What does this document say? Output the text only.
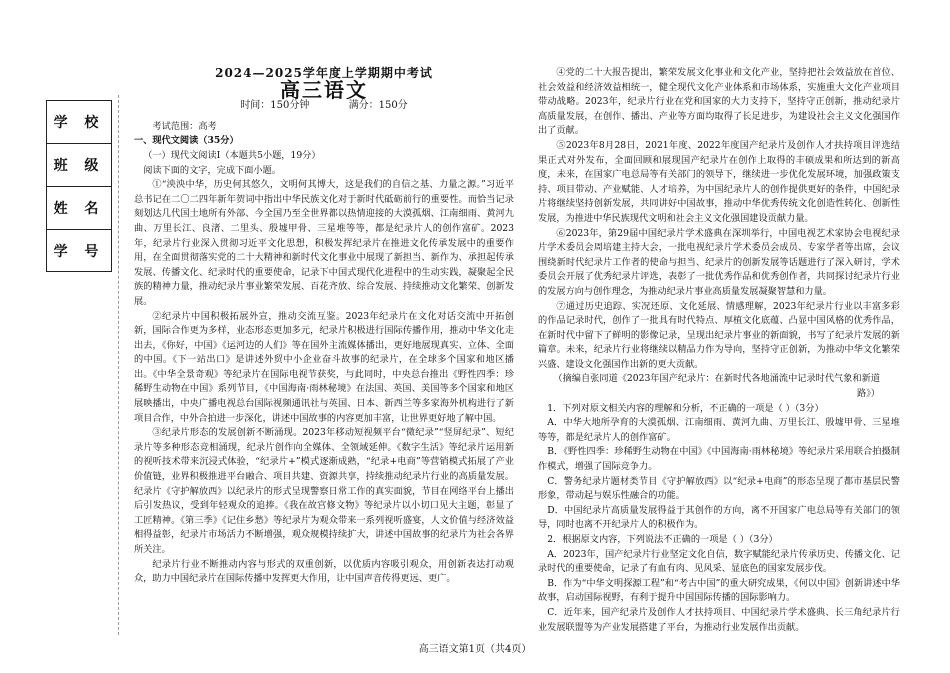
学 校
班 级
姓 名
学 号

2024—2025学年度上学期期中考试

高三语文

时间：150分钟	满分：150分

考试范围：高考

一、现代文阅读（35分）

（一）现代文阅读Ⅰ（本题共5小题，19分）

阅读下面的文字，完成下面小题。

①“泱泱中华，历史何其悠久，文明何其博大，这是我们的自信之基、力量之源。”习近平总书记在二〇二四年新年贺词中指出中华民族文化对于新时代砥砺前行的重要性。而恰当记录刻划达几代国土地所有外部、今全国乃至全世界都以热情迎接的大漠孤烟、江南细雨、黄河九曲、万里长江、良渚、二里头、殷墟甲骨、三星堆等等，都是纪录片人的创作富矿。2023年，纪录片行业深入贯彻习近平文化思想，积极发挥纪录片在推进文化传承发展中的重要作用，在全面贯彻落实党的二十大精神和新时代文化事业中展现了新担当、新作为、承担起传承发展、传播文化、纪录时代的重要使命，记录下中国式现代化进程中的生动实践，凝聚起全民族的精神力量，推动纪录片事业繁荣发展、百花齐放、综合发展、持续推动文化繁荣、创新发展。

②纪录片中国积极拓展外宣，推动交流互鉴。2023年纪录片在文化对话交流中开拓创新，国际合作更为多样，业态形态更加多元，纪录片积极进行国际传播作用，推动中华文化走出去，《你好，中国》《运河边的人们》等在国外主流媒体播出，更好地展现真实、立体、全面的中国。《下一站出口》是讲述外贸中小企业奋斗故事的纪录片，在全球多个国家和地区播出。《中华全景奇观》等纪录片在国际电视节获奖，与此同时，中央总台推出《野性四季：珍稀野生动物在中国》系列节目，《中国海南·雨林秘境》在法国、英国、美国等多个国家和地区展映播出，中央广播电视总台国际视频通讯社与英国、日本、新西兰等多家海外机构进行了新项目合作，中外合拍进一步深化，讲述中国故事的内容更加丰富，让世界更好地了解中国。

③纪录片形态的发展创新不断涌现。2023年移动短视频平台“微纪录”“竖屏纪录”、短纪录片等多种形态竞相涌现，纪录片创作向全媒体、全领域延伸。《数字生活》等纪录片运用新的视听技术带来沉浸式体验，“纪录片+”模式逐渐成熟，“纪录+电商”等营销模式拓展了产业价值链，业界积极推进平台融合、项目共建、资源共享，持续推动纪录片行业的高质量发展。纪录片《守护解放西》以纪录片的形式呈现警察日常工作的真实面貌，节目在网络平台上播出后引发热议，受到年轻观众的追捧。《我在故宫修文物》等纪录片以小切口见大主题，彰显了工匠精神。《第三季》《记住乡愁》等纪录片为观众带来一系列视听盛宴，人文价值与经济效益相得益彰，纪录片市场活力不断增强，观众规模持续扩大，讲述中国故事的纪录片为社会各界所关注。

纪录片行业不断推动内容与形式的双重创新，以优质内容吸引观众，用创新表达打动观众，助力中国纪录片在国际传播中发挥更大作用，让中国声音传得更远、更广。

④党的二十大报告提出，繁荣发展文化事业和文化产业，坚持把社会效益放在首位、社会效益和经济效益相统一，健全现代文化产业体系和市场体系，实施重大文化产业项目带动战略。2023年，纪录片行业在党和国家的大力支持下，坚持守正创新，推动纪录片高质量发展，在创作、播出、产业等方面均取得了长足进步，为建设社会主义文化强国作出了贡献。

⑤2023年8月28日，2021年度、2022年度国产纪录片及创作人才扶持项目评选结果正式对外发布，全面回顾和展现国产纪录片在创作上取得的丰硕成果和所达到的新高度，未来，在国家广电总局等有关部门的领导下，继续进一步优化发展环境，加强政策支持、项目带动、产业赋能、人才培养，为中国纪录片人的创作提供更好的条件，中国纪录片将继续坚持创新发展，共同讲好中国故事，推动中华优秀传统文化创造性转化、创新性发展，为推进中华民族现代文明和社会主义文化强国建设贡献力量。

⑥2023年，第29届中国纪录片学术盛典在深圳举行，中国电视艺术家协会电视纪录片学术委员会周培建主持大会，一批电视纪录片学术委员会成员、专家学者等出席，会议围绕新时代纪录片工作者的使命与担当、纪录片的创新发展等话题进行了深入研讨，学术委员会开展了优秀纪录片评选，表彰了一批优秀作品和优秀创作者，共同探讨纪录片行业的发展方向与创作理念，为推动纪录片事业高质量发展凝聚智慧和力量。

⑦通过历史追踪、实况还原、文化延展、情感理解，2023年纪录片行业以丰富多彩的作品记录时代，创作了一批具有时代特点、厚植文化底蕴、凸显中国风格的优秀作品，在新时代中留下了鲜明的影像记录，呈现出纪录片事业的新面貌，书写了纪录片发展的新篇章。未来，纪录片行业将继续以精品力作为导向，坚持守正创新，为推动中华文化繁荣兴盛、建设文化强国作出新的更大贡献。

（摘编自张同道《2023年国产纪录片：在新时代各地涌流中记录时代气象和新道路》）

1．下列对原文相关内容的理解和分析，不正确的一项是（ ）（3分）

A．中华大地所孕育的大漠孤烟、江南细雨、黄河九曲、万里长江、殷墟甲骨、三星堆等等，都是纪录片人的创作富矿。

B．《野性四季：珍稀野生动物在中国》《中国海南·雨林秘境》等纪录片采用联合拍摄制作模式，增强了国际竞争力。

C．警务纪录片题材类节目《守护解放西》以“纪录+电商”的形态呈现了都市基层民警形象，带动起与娱乐性融合的功能。

D．中国纪录片高质量发展得益于其创作的方向，离不开国家广电总局等有关部门的领导，同时也离不开纪录片人的积极作为。

2．根据原文内容，下列说法不正确的一项是（ ）（3分）

A．2023年，国产纪录片行业坚定文化自信，数字赋能纪录片传承历史、传播文化、记录时代的重要使命，记录了有血有肉、见风采、显底色的国家发展步伐。

B．作为“中华文明探源工程”和“考古中国”的重大研究成果，《何以中国》创新讲述中华故事，启动国际视野，有利于提升中国国际传播的国际影响力。

C．近年来，国产纪录片及创作人才扶持项目、中国纪录片学术盛典、长三角纪录片行业发展联盟等为产业发展搭建了平台，为推动行业发展作出贡献。

高三语文第1页（共4页）
